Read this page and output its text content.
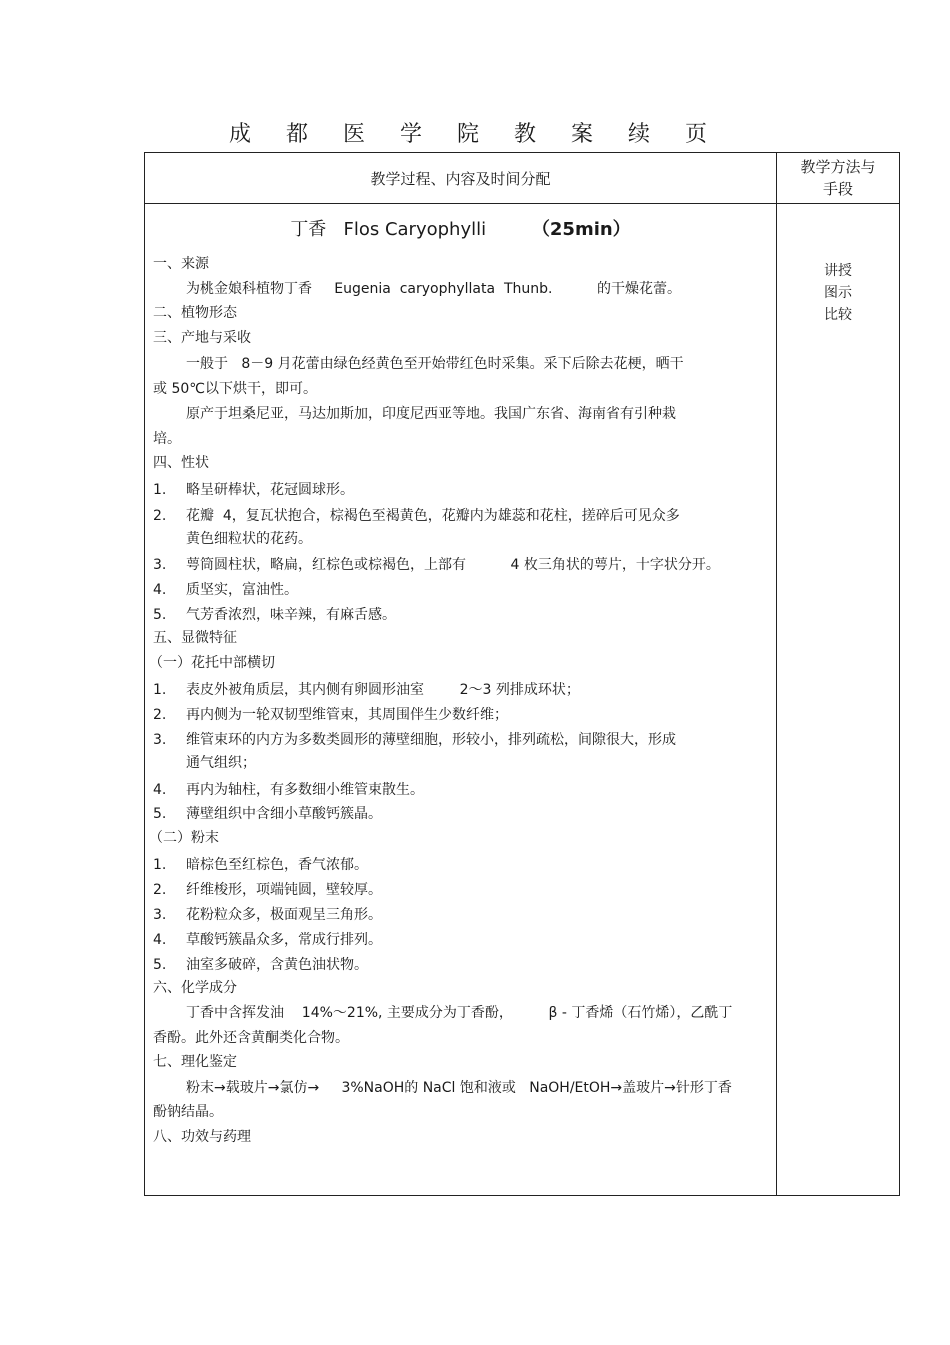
成 都 医 学 院 教 案 续 页
教学过程、内容及时间分配
教学方法与
手段
讲授
图示
比较
丁香   Flos Caryophylli	（25min）
一、来源
为桃金娘科植物丁香     Eugenia  caryophyllata  Thunb.          的干燥花蕾。
二、植物形态
三、产地与采收
一般于   8－9 月花蕾由绿色经黄色至开始带红色时采集。采下后除去花梗，晒干
或 50℃以下烘干，即可。
原产于坦桑尼亚，马达加斯加，印度尼西亚等地。我国广东省、海南省有引种栽
培。
四、性状
1. 略呈研棒状，花冠圆球形。
2. 花瓣  4，复瓦状抱合，棕褐色至褐黄色，花瓣内为雄蕊和花柱，搓碎后可见众多
黄色细粒状的花药。
3. 萼筒圆柱状，略扁，红棕色或棕褐色，上部有          4 枚三角状的萼片，十字状分开。
4. 质坚实，富油性。
5. 气芳香浓烈，味辛辣，有麻舌感。
五、显微特征
（一）花托中部横切
1. 表皮外被角质层，其内侧有卵圆形油室        2～3 列排成环状；
2. 再内侧为一轮双韧型维管束，其周围伴生少数纤维；
3. 维管束环的内方为多数类圆形的薄壁细胞，形较小，排列疏松，间隙很大，形成
通气组织；
4. 再内为轴柱，有多数细小维管束散生。
5. 薄壁组织中含细小草酸钙簇晶。
（二）粉末
1. 暗棕色至红棕色，香气浓郁。
2. 纤维梭形，项端钝圆，壁较厚。
3. 花粉粒众多，极面观呈三角形。
4. 草酸钙簇晶众多，常成行排列。
5. 油室多破碎，含黄色油状物。
六、化学成分
丁香中含挥发油    14%～21%, 主要成分为丁香酚，        β - 丁香烯（石竹烯），乙酰丁
香酚。此外还含黄酮类化合物。
七、理化鉴定
粉末→载玻片→氯仿→     3%NaOH的 NaCl 饱和液或   NaOH/EtOH→盖玻片→针形丁香
酚钠结晶。
八、功效与药理
